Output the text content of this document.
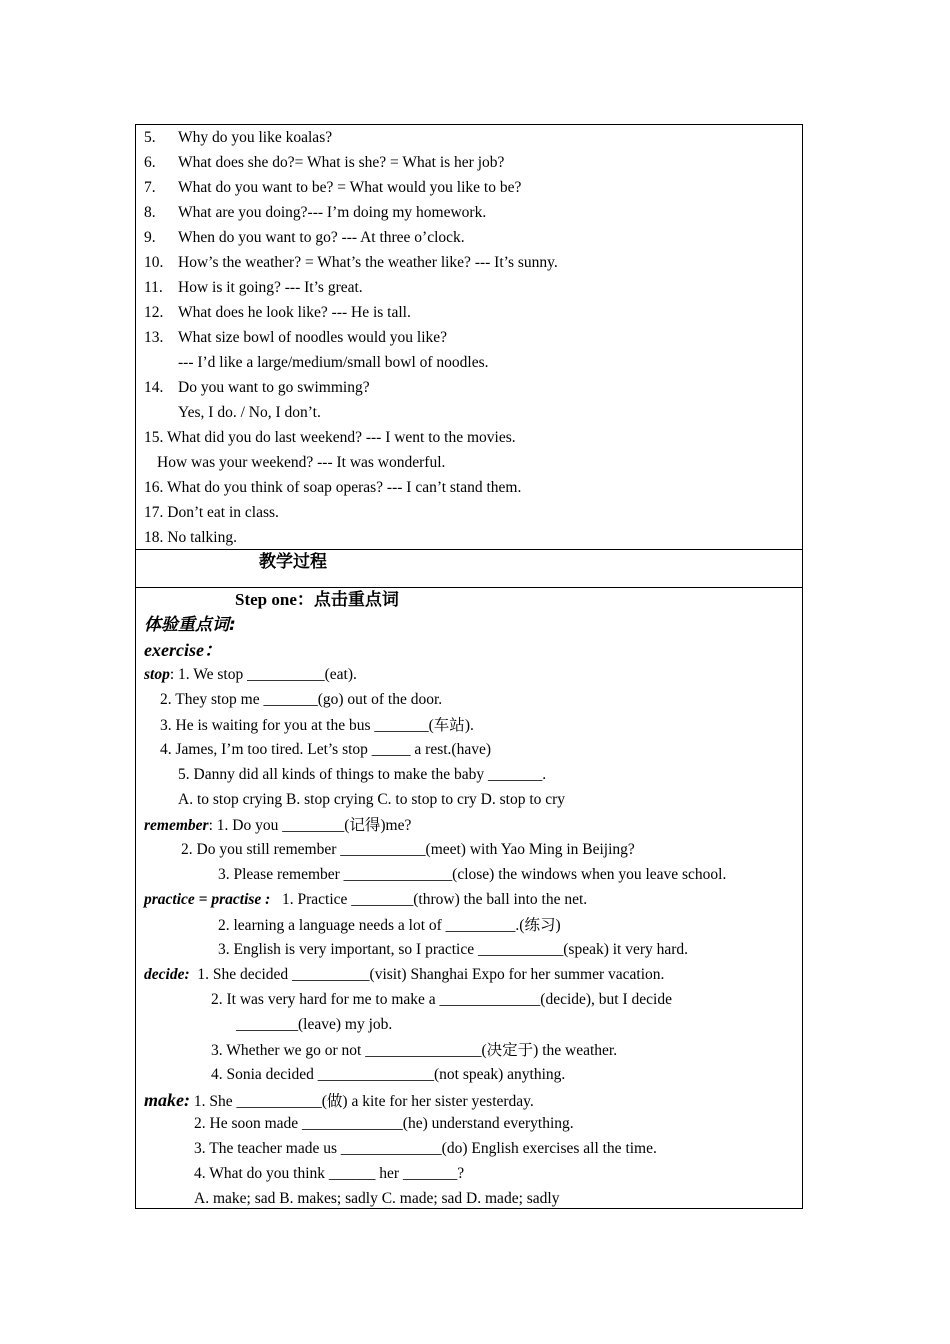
5. Why do you like koalas?
6. What does she do?= What is she? = What is her job?
7. What do you want to be? = What would you like to be?
8. What are you doing?--- I’m doing my homework.
9. When do you want to go? --- At three o’clock.
10. How’s the weather? = What’s the weather like? --- It’s sunny.
11. How is it going? --- It’s great.
12. What does he look like? --- He is tall.
13. What size bowl of noodles would you like?
--- I’d like a large/medium/small bowl of noodles.
14. Do you want to go swimming?
Yes, I do. / No, I don’t.
15. What did you do last weekend? --- I went to the movies.
How was your weekend? --- It was wonderful.
16. What do you think of soap operas? --- I can’t stand them.
17. Don’t eat in class.
18. No talking.
教学过程
Step one：点击重点词
体验重点词:
exercise：
stop: 1. We stop __________(eat).
2. They stop me _______(go) out of the door.
3. He is waiting for you at the bus _______(车站).
4. James, I’m too tired. Let’s stop _____ a rest.(have)
5. Danny did all kinds of things to make the baby _______.
A. to stop crying B. stop crying C. to stop to cry D. stop to cry
remember: 1. Do you ________(记得)me?
2. Do you still remember ___________(meet) with Yao Ming in Beijing?
3. Please remember ______________(close) the windows when you leave school.
practice = practise : 1. Practice ________(throw) the ball into the net.
2. learning a language needs a lot of _________.(练习)
3. English is very important, so I practice ___________(speak) it very hard.
decide: 1. She decided __________(visit) Shanghai Expo for her summer vacation.
2. It was very hard for me to make a _____________(decide), but I decide
________(leave) my job.
3. Whether we go or not _______________(决定于) the weather.
4. Sonia decided _______________(not speak) anything.
make: 1. She ___________(做) a kite for her sister yesterday.
2. He soon made _____________(he) understand everything.
3. The teacher made us _____________(do) English exercises all the time.
4. What do you think ______ her _______?
A. make; sad B. makes; sadly C. made; sad D. made; sadly
